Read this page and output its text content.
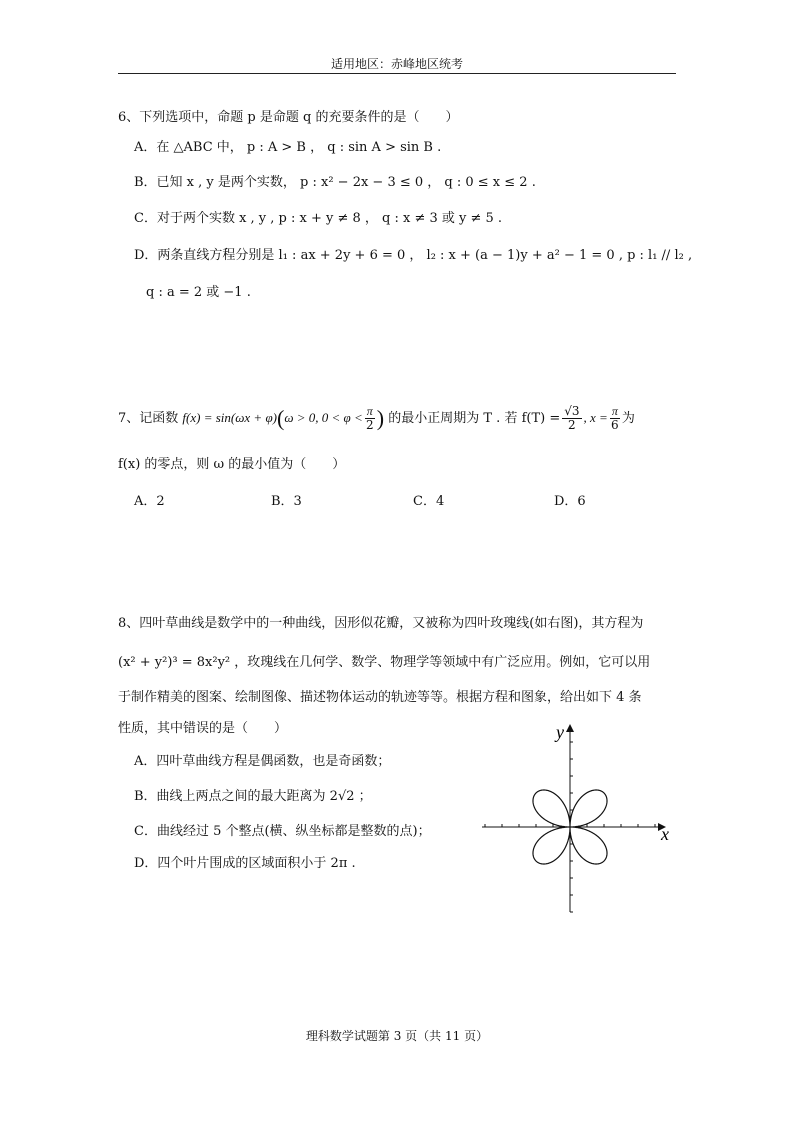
适用地区：赤峰地区统考
6、下列选项中，命题 p 是命题 q 的充要条件的是（　　）
A．在 △ABC 中， p : A > B ， q : sin A > sin B .
B．已知 x , y 是两个实数， p : x² − 2x − 3 ≤ 0 ， q : 0 ≤ x ≤ 2 .
C．对于两个实数 x , y , p : x + y ≠ 8 ， q : x ≠ 3 或 y ≠ 5 .
D．两条直线方程分别是 l₁ : ax + 2y + 6 = 0 ， l₂ : x + (a − 1)y + a² − 1 = 0 , p : l₁ // l₂ ,
q : a = 2 或 −1 .
7、记函数 f(x) = sin(ωx + φ)(ω > 0, $0 < \varphi < \frac{\pi}{2}$ ) 的最小正周期为 T . 若 $f(T) = \frac{√3}{2}$ , $x = \frac{\pi}{6}$ 为
f(x) 的零点，则 ω 的最小值为（　　）
A．2	B．3	C．4	D．6
8、四叶草曲线是数学中的一种曲线，因形似花瓣，又被称为四叶玫瑰线(如右图)，其方程为
(x² + y²)³ = 8x²y² ，玫瑰线在几何学、数学、物理学等领域中有广泛应用。例如，它可以用
于制作精美的图案、绘制图像、描述物体运动的轨迹等等。根据方程和图象，给出如下 4 条
性质，其中错误的是（　　）
A．四叶草曲线方程是偶函数，也是奇函数；
B．曲线上两点之间的最大距离为 2√2 ；
C．曲线经过 5 个整点(横、纵坐标都是整数的点)；
D．四个叶片围成的区域面积小于 2π .
x
y
理科数学试题第 3 页（共 11 页）
